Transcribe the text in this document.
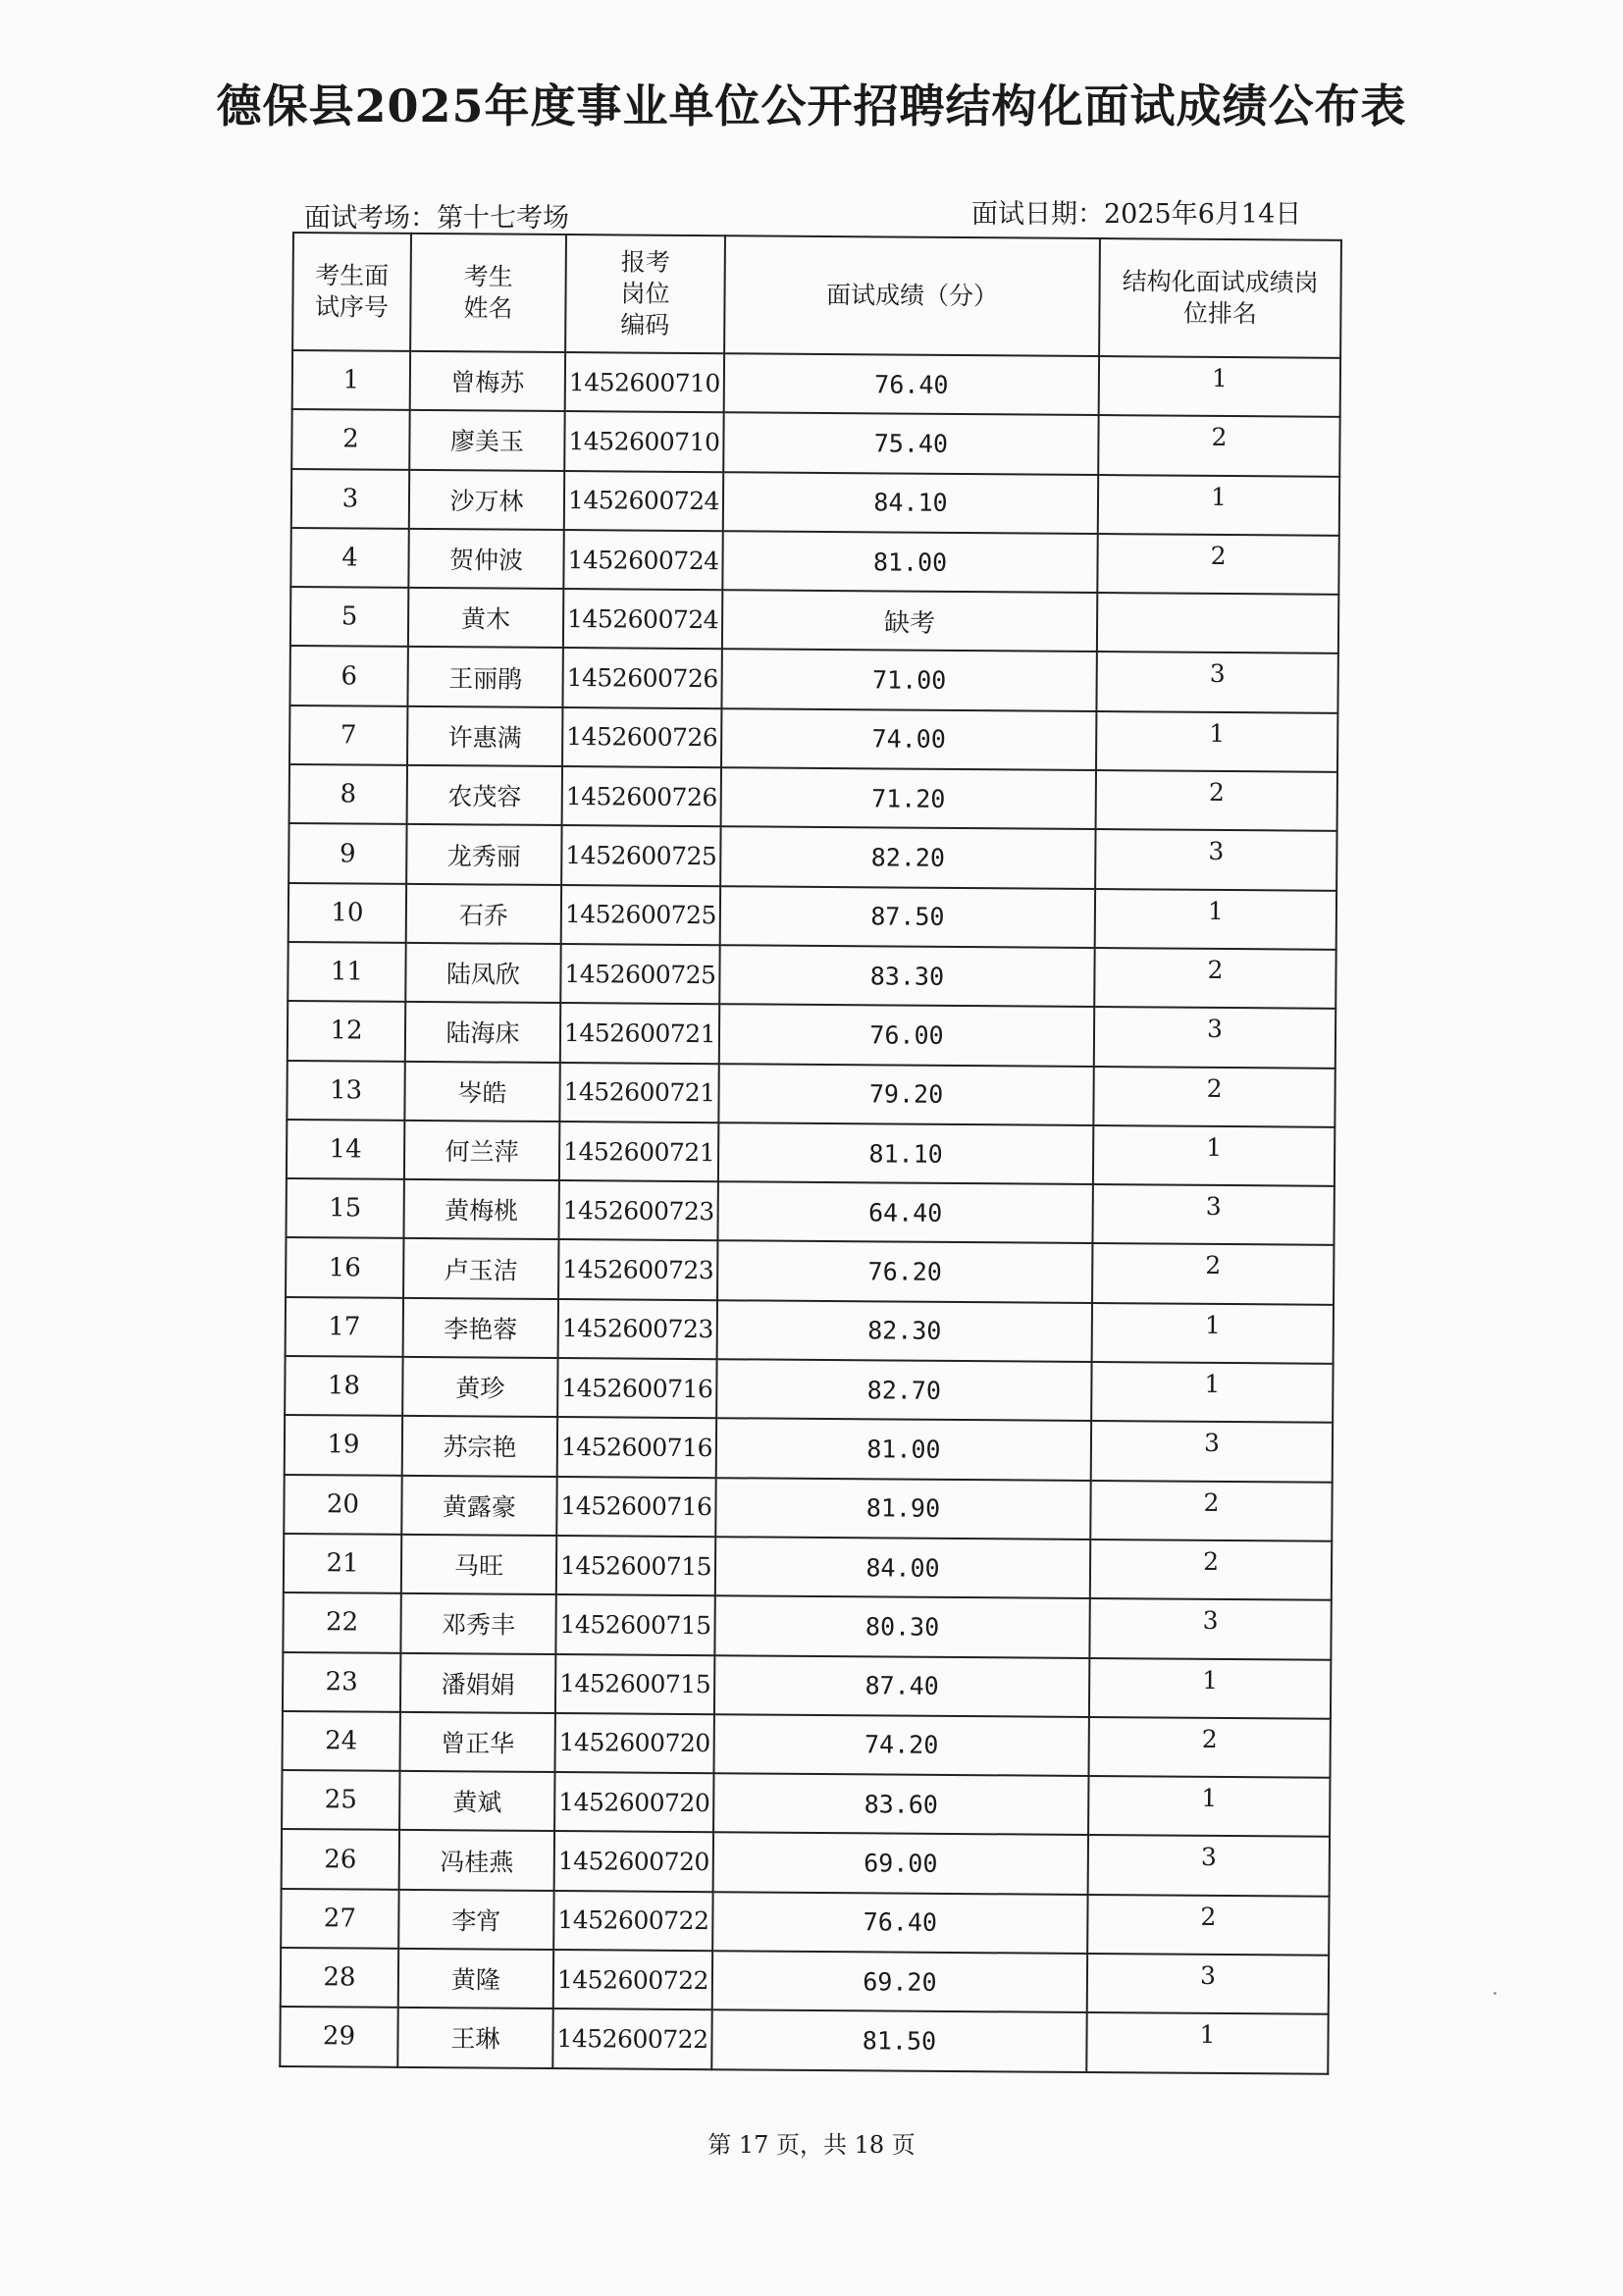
德保县2025年度事业单位公开招聘结构化面试成绩公布表
面试考场：第十七考场	面试日期：2025年6月14日
考生面试序号	考生姓名	报考岗位编码	面试成绩（分）	结构化面试成绩岗位排名
1	曾梅苏	1452600710	76.40	1
2	廖美玉	1452600710	75.40	2
3	沙万林	1452600724	84.10	1
4	贺仲波	1452600724	81.00	2
5	黄木	1452600724	缺考	
6	王丽鹃	1452600726	71.00	3
7	许惠满	1452600726	74.00	1
8	农茂容	1452600726	71.20	2
9	龙秀丽	1452600725	82.20	3
10	石乔	1452600725	87.50	1
11	陆凤欣	1452600725	83.30	2
12	陆海床	1452600721	76.00	3
13	岑皓	1452600721	79.20	2
14	何兰萍	1452600721	81.10	1
15	黄梅桃	1452600723	64.40	3
16	卢玉洁	1452600723	76.20	2
17	李艳蓉	1452600723	82.30	1
18	黄珍	1452600716	82.70	1
19	苏宗艳	1452600716	81.00	3
20	黄露豪	1452600716	81.90	2
21	马旺	1452600715	84.00	2
22	邓秀丰	1452600715	80.30	3
23	潘娟娟	1452600715	87.40	1
24	曾正华	1452600720	74.20	2
25	黄斌	1452600720	83.60	1
26	冯桂燕	1452600720	69.00	3
27	李宵	1452600722	76.40	2
28	黄隆	1452600722	69.20	3
29	王琳	1452600722	81.50	1
第 17 页，共 18 页
